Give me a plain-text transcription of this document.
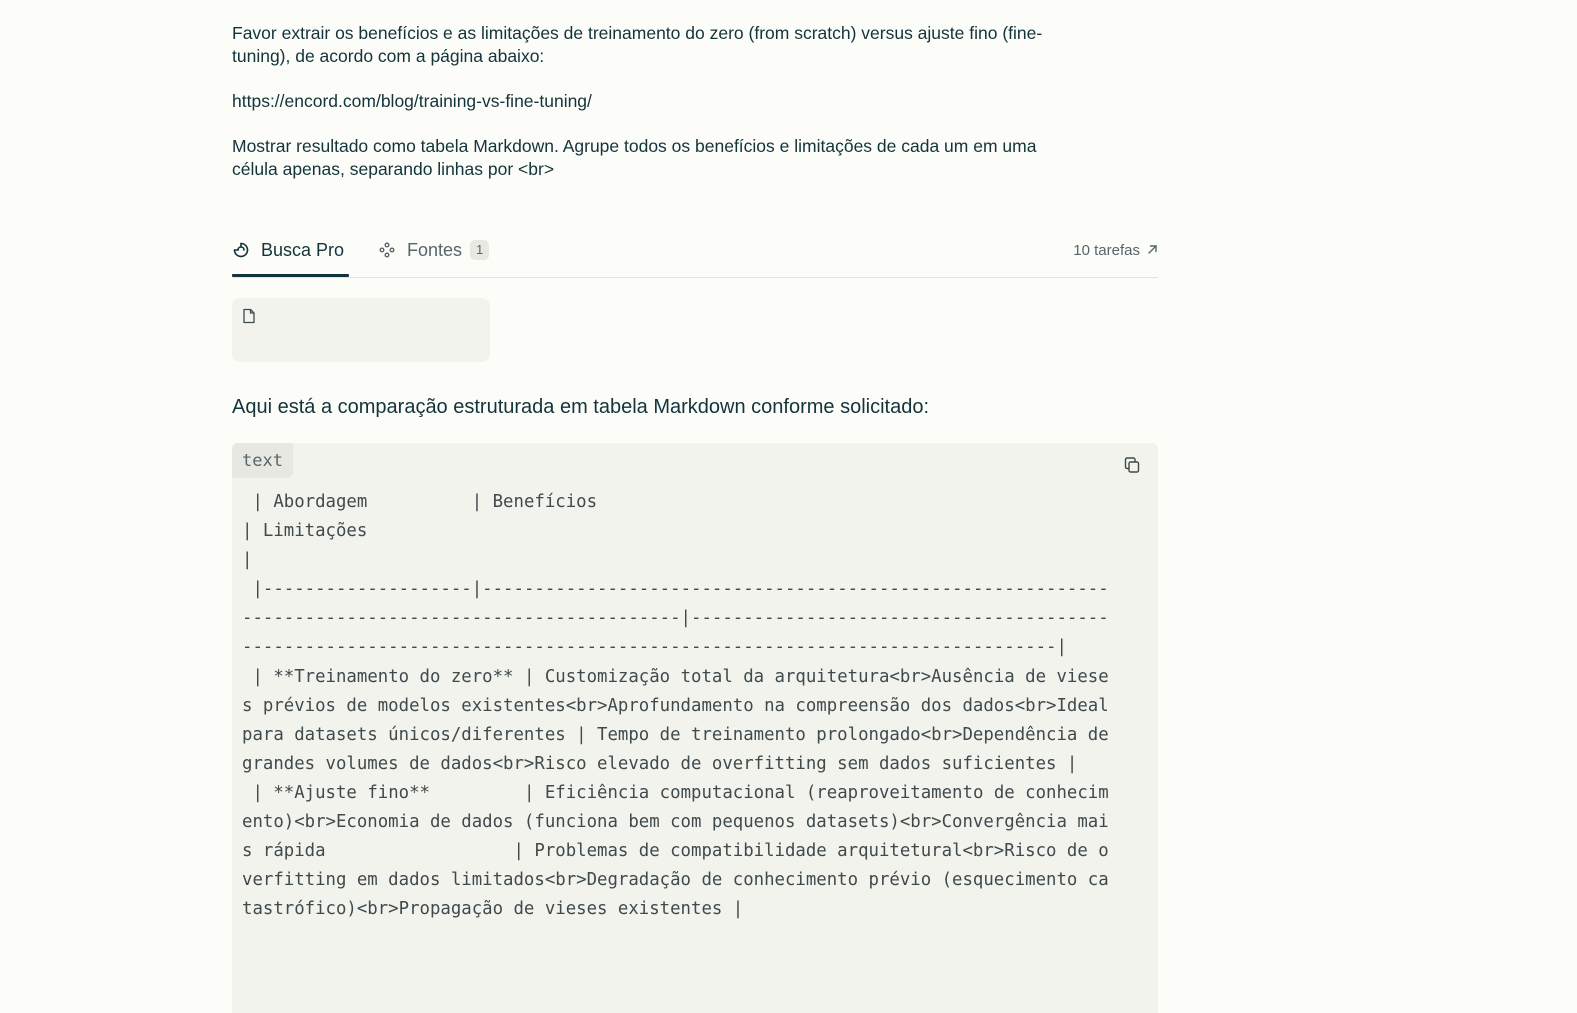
Favor extrair os benefícios e as limitações de treinamento do zero (from scratch) versus ajuste fino (fine-tuning), de acordo com a página abaixo:

https://encord.com/blog/training-vs-fine-tuning/

Mostrar resultado como tabela Markdown. Agrupe todos os benefícios e limitações de cada um em uma célula apenas, separando linhas por <br>

Busca Pro	Fontes	1	10 tarefas
Aqui está a comparação estruturada em tabela Markdown conforme solicitado:
text
| Abordagem          | Benefícios
| Limitações
|
|--------------------|------------------------------------------------------------------------------------------------------|----------------------------------------------------------------------------------------------------------------------|
| **Treinamento do zero** | Customização total da arquitetura<br>Ausência de vieses prévios de modelos existentes<br>Aprofundamento na compreensão dos dados<br>Ideal para datasets únicos/diferentes | Tempo de treinamento prolongado<br>Dependência de grandes volumes de dados<br>Risco elevado de overfitting sem dados suficientes |
| **Ajuste fino**         | Eficiência computacional (reaproveitamento de conhecimento)<br>Economia de dados (funciona bem com pequenos datasets)<br>Convergência mais rápida                  | Problemas de compatibilidade arquitetural<br>Risco de overfitting em dados limitados<br>Degradação de conhecimento prévio (esquecimento catastrófico)<br>Propagação de vieses existentes |
